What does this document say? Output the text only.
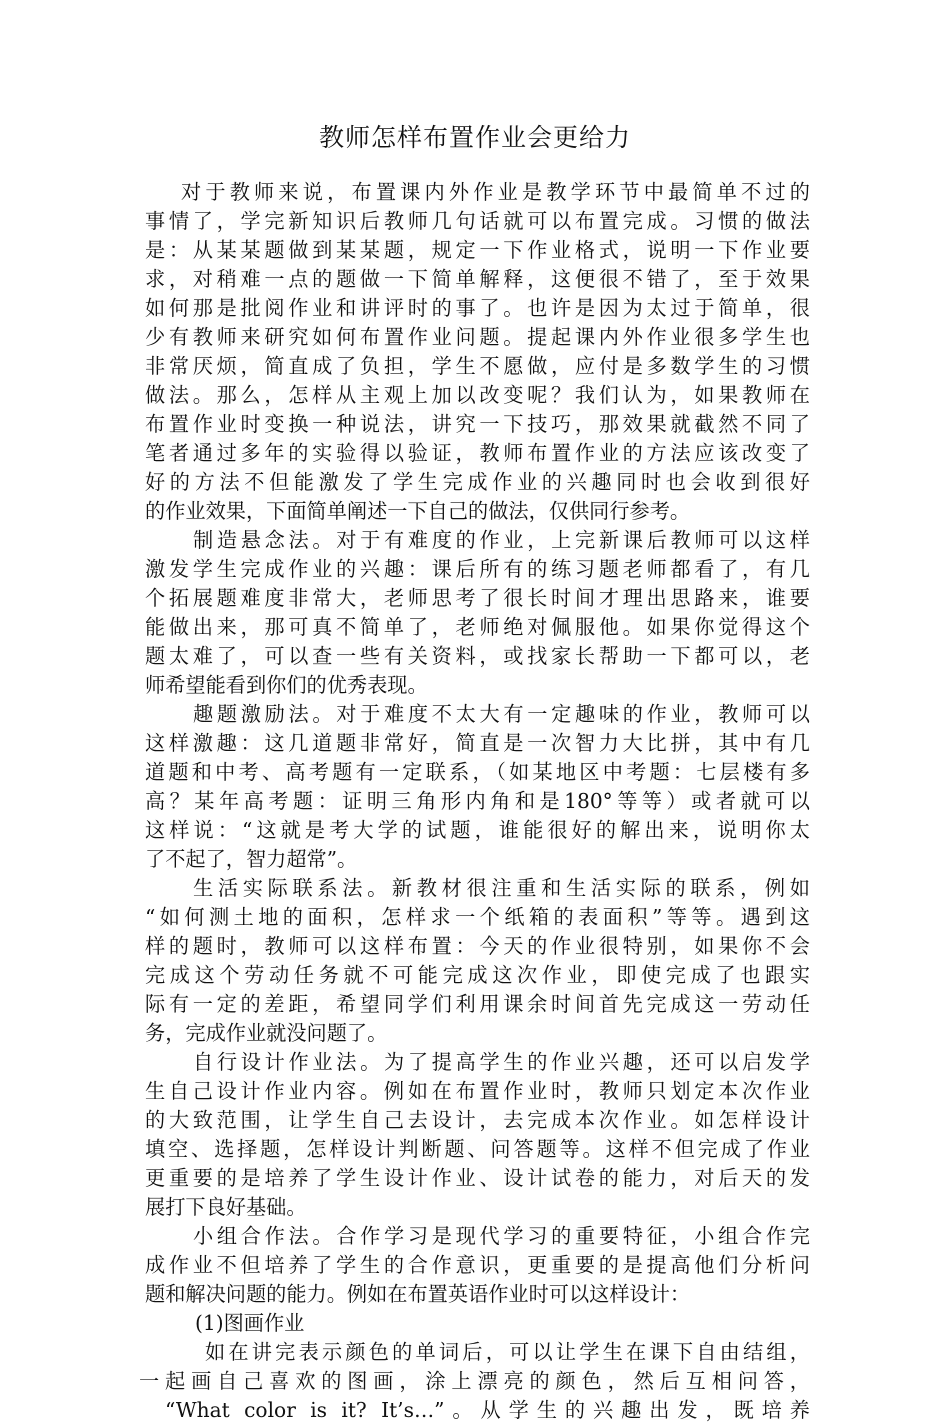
教师怎样布置作业会更给力
对于教师来说，布置课内外作业是教学环节中最简单不过的
事情了，学完新知识后教师几句话就可以布置完成。习惯的做法
是：从某某题做到某某题，规定一下作业格式，说明一下作业要
求，对稍难一点的题做一下简单解释，这便很不错了，至于效果
如何那是批阅作业和讲评时的事了。也许是因为太过于简单，很
少有教师来研究如何布置作业问题。提起课内外作业很多学生也
非常厌烦，简直成了负担，学生不愿做，应付是多数学生的习惯
做法。那么，怎样从主观上加以改变呢？我们认为，如果教师在
布置作业时变换一种说法，讲究一下技巧，那效果就截然不同了
笔者通过多年的实验得以验证，教师布置作业的方法应该改变了
好的方法不但能激发了学生完成作业的兴趣同时也会收到很好
的作业效果，下面简单阐述一下自己的做法，仅供同行参考。
制造悬念法。对于有难度的作业，上完新课后教师可以这样
激发学生完成作业的兴趣：课后所有的练习题老师都看了，有几
个拓展题难度非常大，老师思考了很长时间才理出思路来，谁要
能做出来，那可真不简单了，老师绝对佩服他。如果你觉得这个
题太难了，可以查一些有关资料，或找家长帮助一下都可以，老
师希望能看到你们的优秀表现。
趣题激励法。对于难度不太大有一定趣味的作业，教师可以
这样激趣：这几道题非常好，简直是一次智力大比拼，其中有几
道题和中考、高考题有一定联系，（如某地区中考题：七层楼有多
高？某年高考题：证明三角形内角和是180°等等）或者就可以
这样说：“这就是考大学的试题，谁能很好的解出来，说明你太
了不起了，智力超常”。
生活实际联系法。新教材很注重和生活实际的联系，例如
“如何测土地的面积，怎样求一个纸箱的表面积”等等。遇到这
样的题时，教师可以这样布置：今天的作业很特别，如果你不会
完成这个劳动任务就不可能完成这次作业，即使完成了也跟实
际有一定的差距，希望同学们利用课余时间首先完成这一劳动任
务，完成作业就没问题了。
自行设计作业法。为了提高学生的作业兴趣，还可以启发学
生自己设计作业内容。例如在布置作业时，教师只划定本次作业
的大致范围，让学生自己去设计，去完成本次作业。如怎样设计
填空、选择题，怎样设计判断题、问答题等。这样不但完成了作业
更重要的是培养了学生设计作业、设计试卷的能力，对后天的发
展打下良好基础。
小组合作法。合作学习是现代学习的重要特征，小组合作完
成作业不但培养了学生的合作意识，更重要的是提高他们分析问
题和解决问题的能力。例如在布置英语作业时可以这样设计：
(1)图画作业
如在讲完表示颜色的单词后，可以让学生在课下自由结组，
一起画自己喜欢的图画，涂上漂亮的颜色，然后互相问答，
“What color is it? It’s…”。从学生的兴趣出发，既培养
